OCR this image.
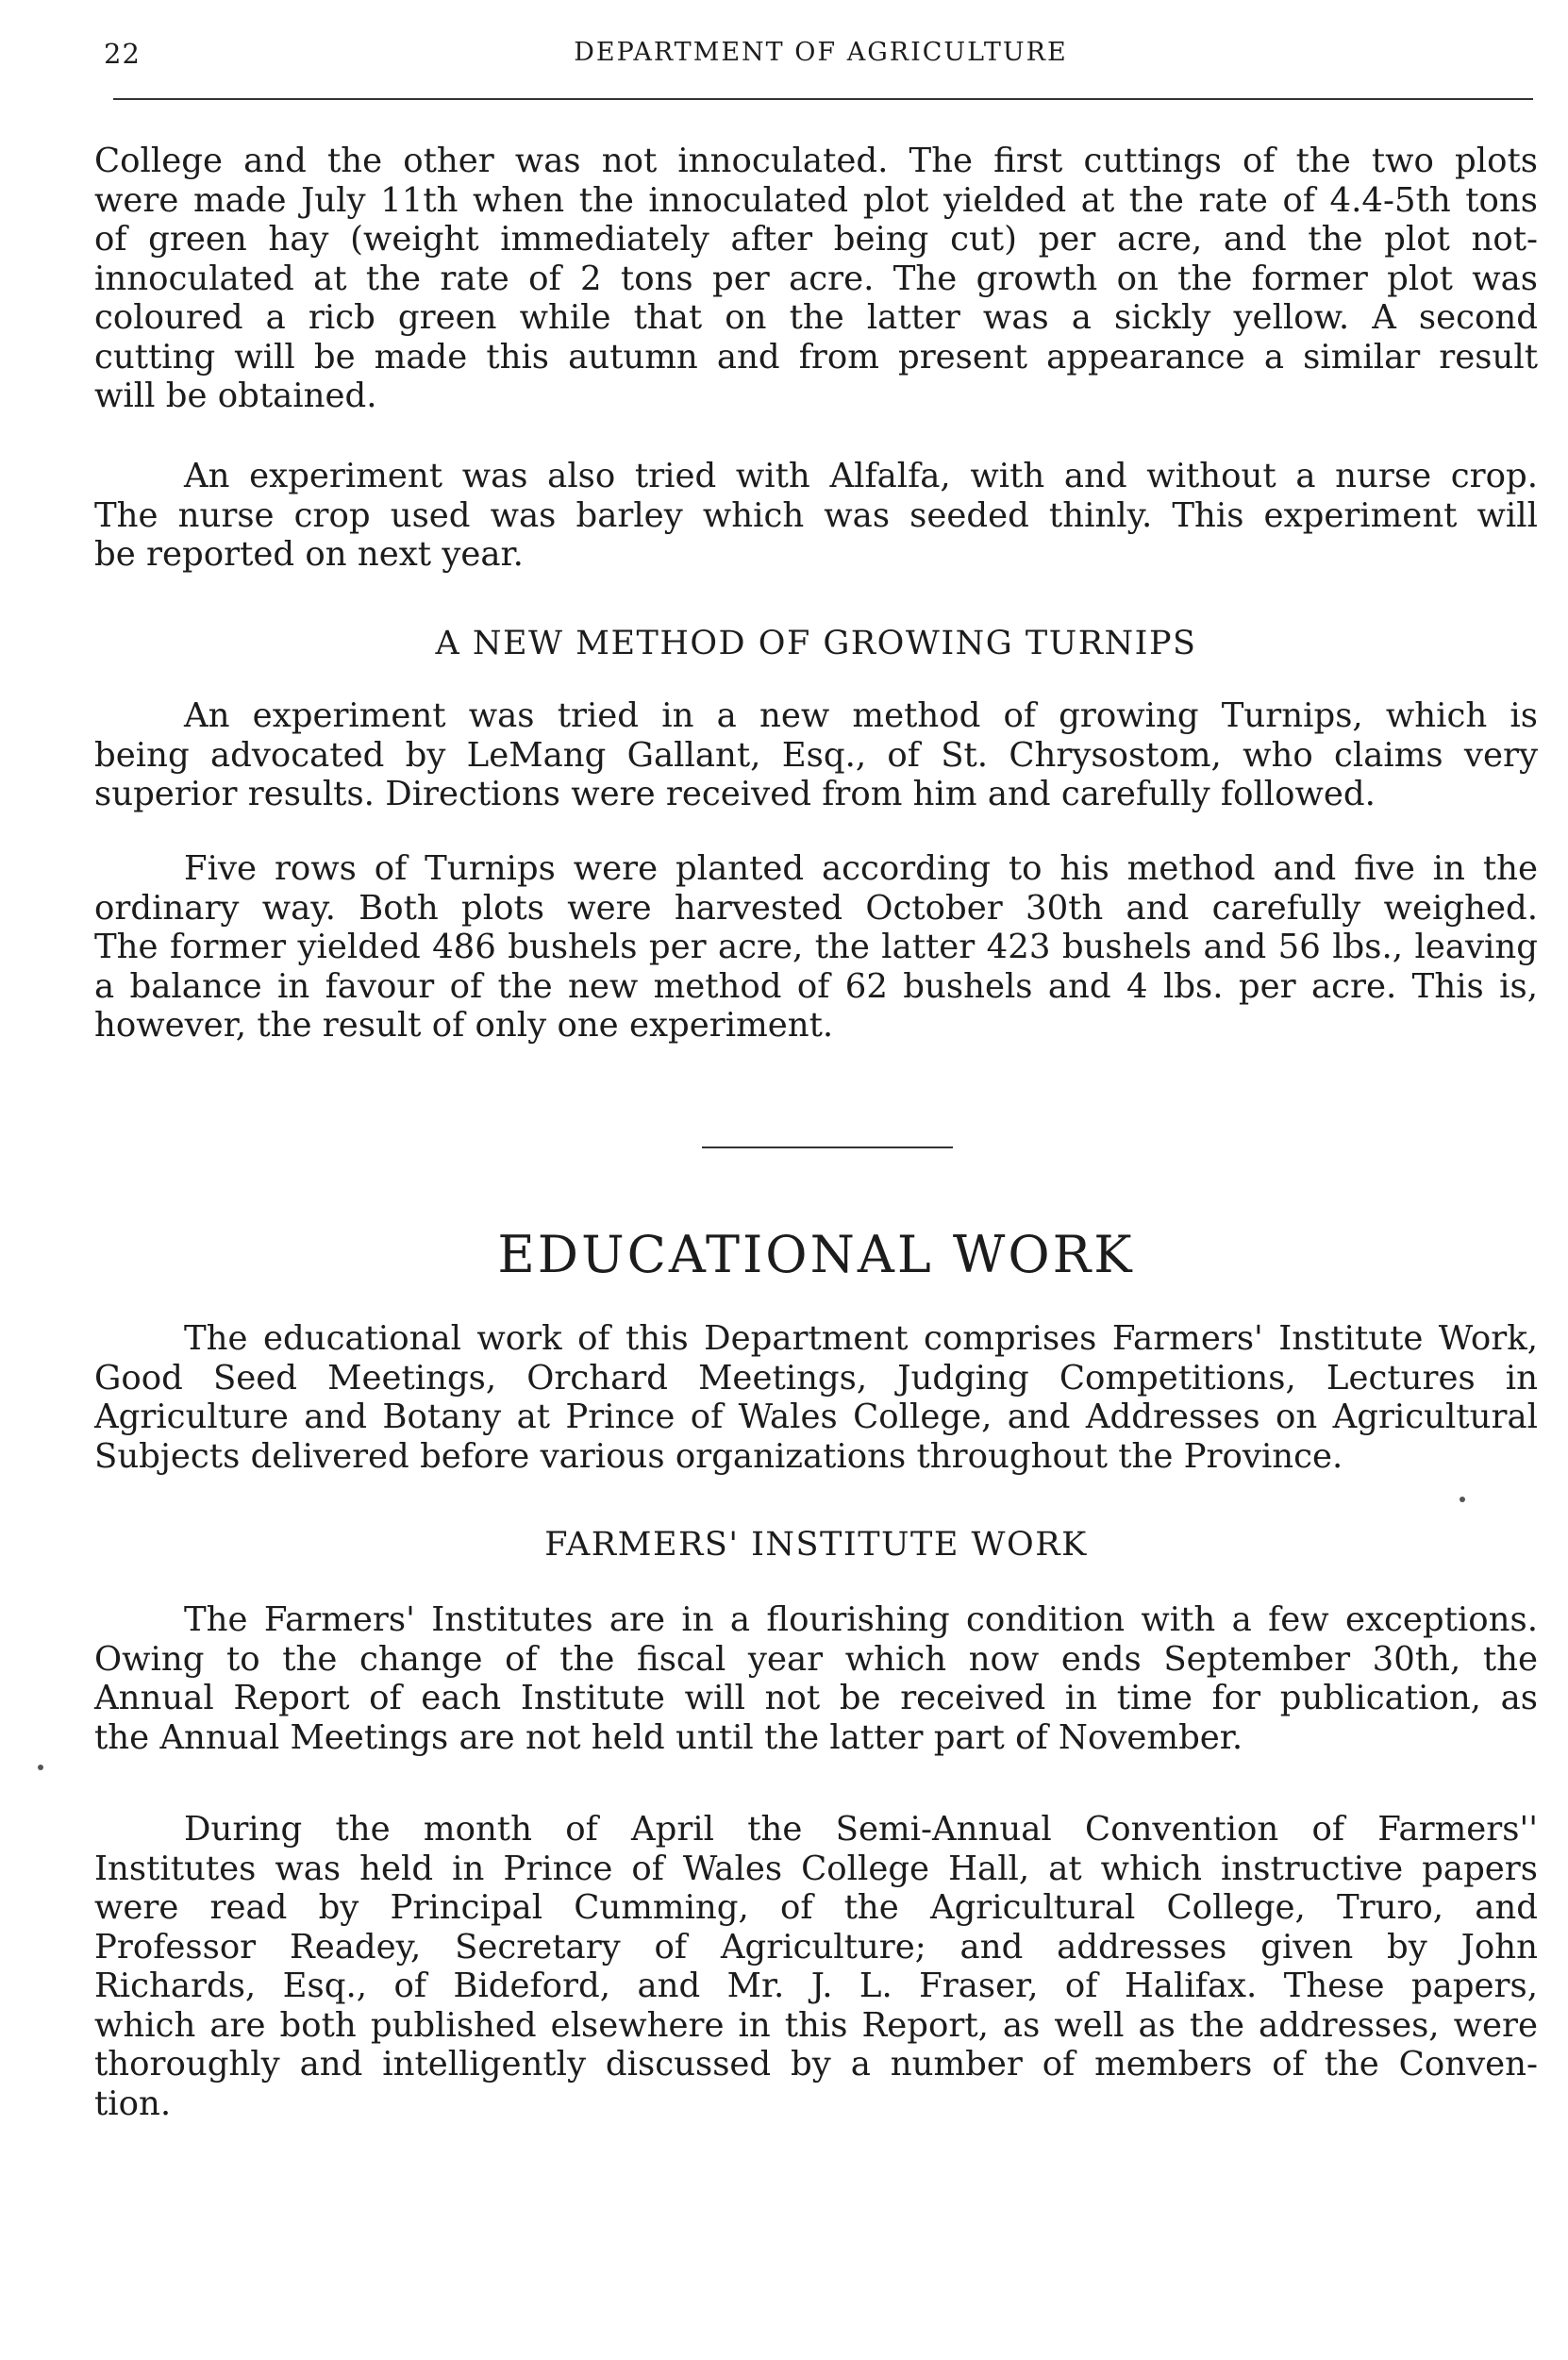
22	DEPARTMENT OF AGRICULTURE
College and the other was not innoculated. The first cuttings of the two plots
were made July 11th when the innoculated plot yielded at the rate of 4.4-5th tons
of green hay (weight immediately after being cut) per acre, and the plot not-
innoculated at the rate of 2 tons per acre. The growth on the former plot was
coloured a ricb green while that on the latter was a sickly yellow. A second
cutting will be made this autumn and from present appearance a similar result
will be obtained.
An experiment was also tried with Alfalfa, with and without a nurse crop.
The nurse crop used was barley which was seeded thinly. This experiment will
be reported on next year.
A NEW METHOD OF GROWING TURNIPS
An experiment was tried in a new method of growing Turnips, which is
being advocated by LeMang Gallant, Esq., of St. Chrysostom, who claims very
superior results. Directions were received from him and carefully followed.
Five rows of Turnips were planted according to his method and five in the
ordinary way. Both plots were harvested October 30th and carefully weighed.
The former yielded 486 bushels per acre, the latter 423 bushels and 56 lbs., leaving
a balance in favour of the new method of 62 bushels and 4 lbs. per acre. This is,
however, the result of only one experiment.
EDUCATIONAL WORK
The educational work of this Department comprises Farmers' Institute Work,
Good Seed Meetings, Orchard Meetings, Judging Competitions, Lectures in
Agriculture and Botany at Prince of Wales College, and Addresses on Agricultural
Subjects delivered before various organizations throughout the Province.
FARMERS' INSTITUTE WORK
The Farmers' Institutes are in a flourishing condition with a few exceptions.
Owing to the change of the fiscal year which now ends September 30th, the
Annual Report of each Institute will not be received in time for publication, as
the Annual Meetings are not held until the latter part of November.
During the month of April the Semi-Annual Convention of Farmers''
Institutes was held in Prince of Wales College Hall, at which instructive papers
were read by Principal Cumming, of the Agricultural College, Truro, and
Professor Readey, Secretary of Agriculture; and addresses given by John
Richards, Esq., of Bideford, and Mr. J. L. Fraser, of Halifax. These papers,
which are both published elsewhere in this Report, as well as the addresses, were
thoroughly and intelligently discussed by a number of members of the Conven-
tion.
